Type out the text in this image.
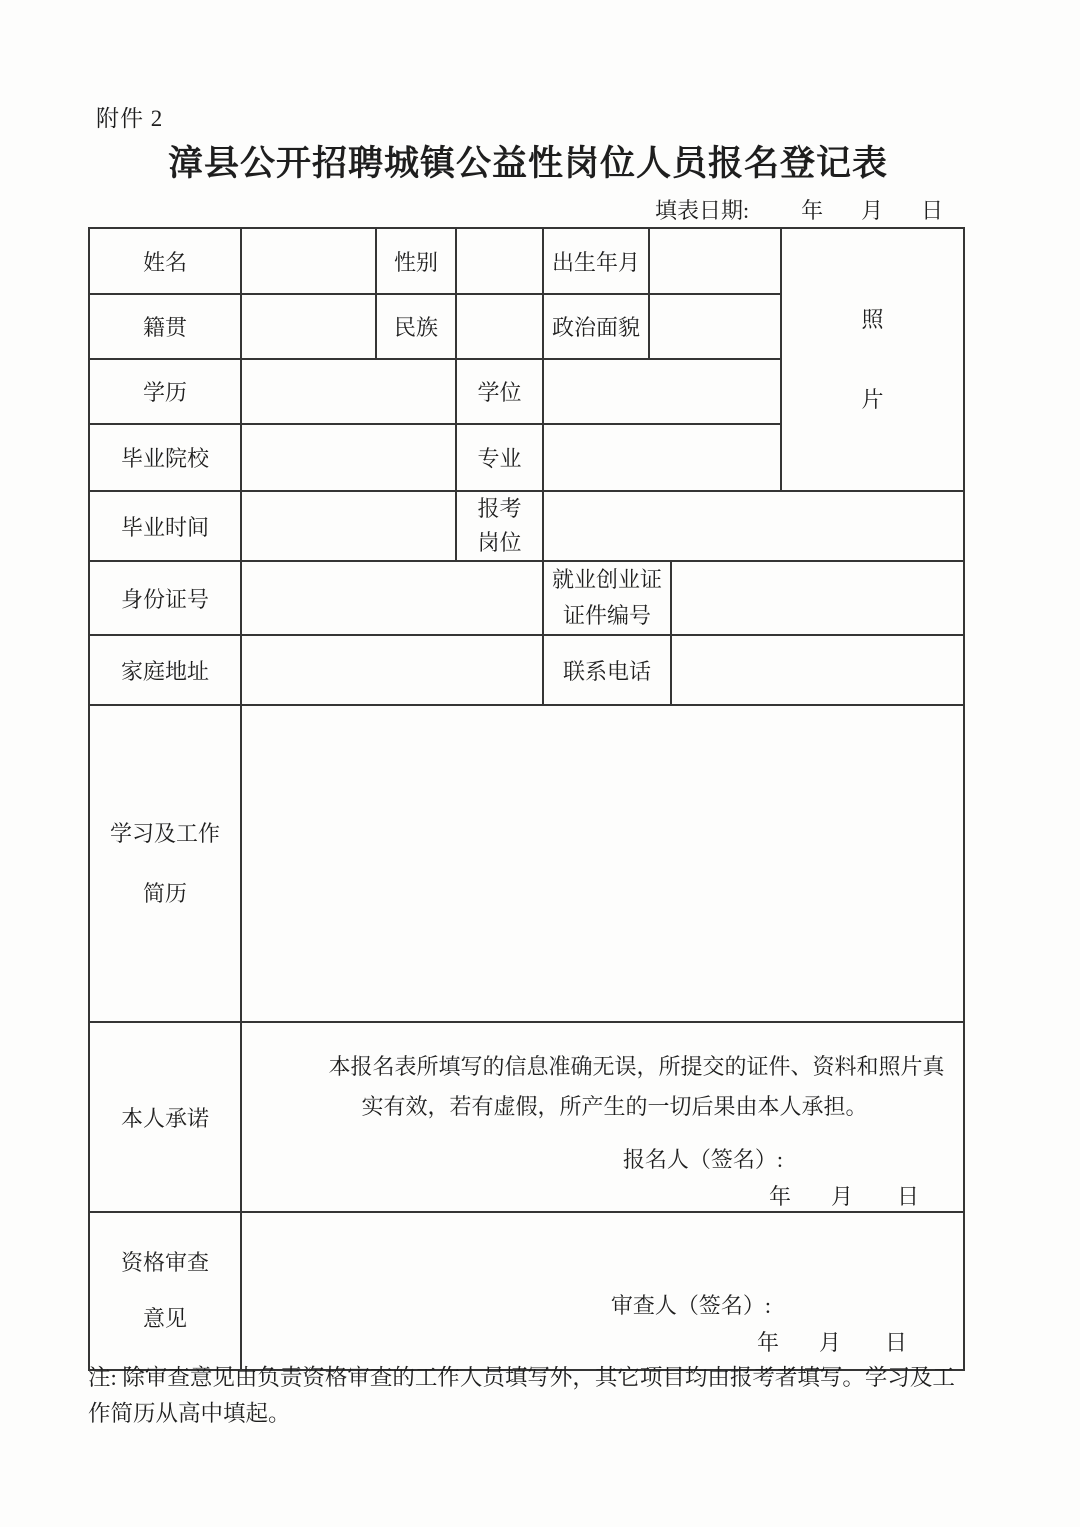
附件 2
漳县公开招聘城镇公益性岗位人员报名登记表
填表日期: 年 月 日
姓名		性别		出生年月			照片
籍贯		民族		政治面貌			
学历			学位				
毕业院校			专业				
毕业时间			报考岗位				
身份证号				就业创业证证件编号			
家庭地址				联系电话			
学习及工作简历							
本人承诺	本报名表所填写的信息准确无误，所提交的证件、资料和照片真实有效，若有虚假，所产生的一切后果由本人承担。
报名人（签名）:
年 月 日						

资格审查意见	审查人（签名）:
年 月 日						
注: 除审查意见由负责资格审查的工作人员填写外，其它项目均由报考者填写。学习及工作简历从高中填起。
